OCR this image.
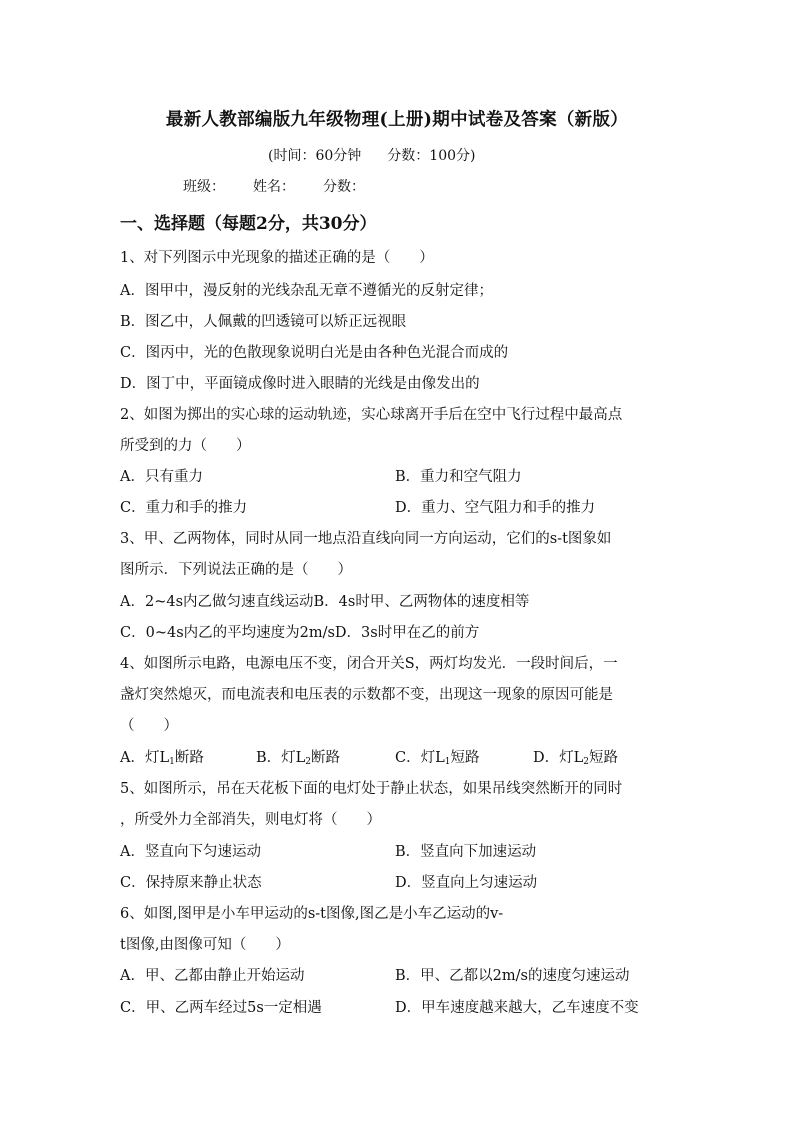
最新人教部编版九年级物理(上册)期中试卷及答案（新版）
(时间：60分钟 分数：100分)
班级： 姓名： 分数：
一、选择题（每题2分，共30分）
1、对下列图示中光现象的描述正确的是（　　）
A．图甲中，漫反射的光线杂乱无章不遵循光的反射定律；
B．图乙中，人佩戴的凹透镜可以矫正远视眼
C．图丙中，光的色散现象说明白光是由各种色光混合而成的
D．图丁中，平面镜成像时进入眼睛的光线是由像发出的
2、如图为掷出的实心球的运动轨迹，实心球离开手后在空中飞行过程中最高点
所受到的力（　　）
A．只有重力	B．重力和空气阻力
C．重力和手的推力	D．重力、空气阻力和手的推力
3、甲、乙两物体，同时从同一地点沿直线向同一方向运动，它们的s-t图象如
图所示．下列说法正确的是（　　）
A．2~4s内乙做匀速直线运动B．4s时甲、乙两物体的速度相等
C．0~4s内乙的平均速度为2m/sD．3s时甲在乙的前方
4、如图所示电路，电源电压不变，闭合开关S，两灯均发光．一段时间后，一
盏灯突然熄灭，而电流表和电压表的示数都不变，出现这一现象的原因可能是
（　　）
A．灯$L_1$断路	B．灯$L_2$断路	C．灯$L_1$短路	D．灯$L_2$短路
5、如图所示，吊在天花板下面的电灯处于静止状态，如果吊线突然断开的同时
，所受外力全部消失，则电灯将（　　）
A．竖直向下匀速运动	B．竖直向下加速运动
C．保持原来静止状态	D．竖直向上匀速运动
6、如图,图甲是小车甲运动的s-t图像,图乙是小车乙运动的v-
t图像,由图像可知（　　）
A．甲、乙都由静止开始运动	B．甲、乙都以2m/s的速度匀速运动
C．甲、乙两车经过5s一定相遇	D．甲车速度越来越大，乙车速度不变
